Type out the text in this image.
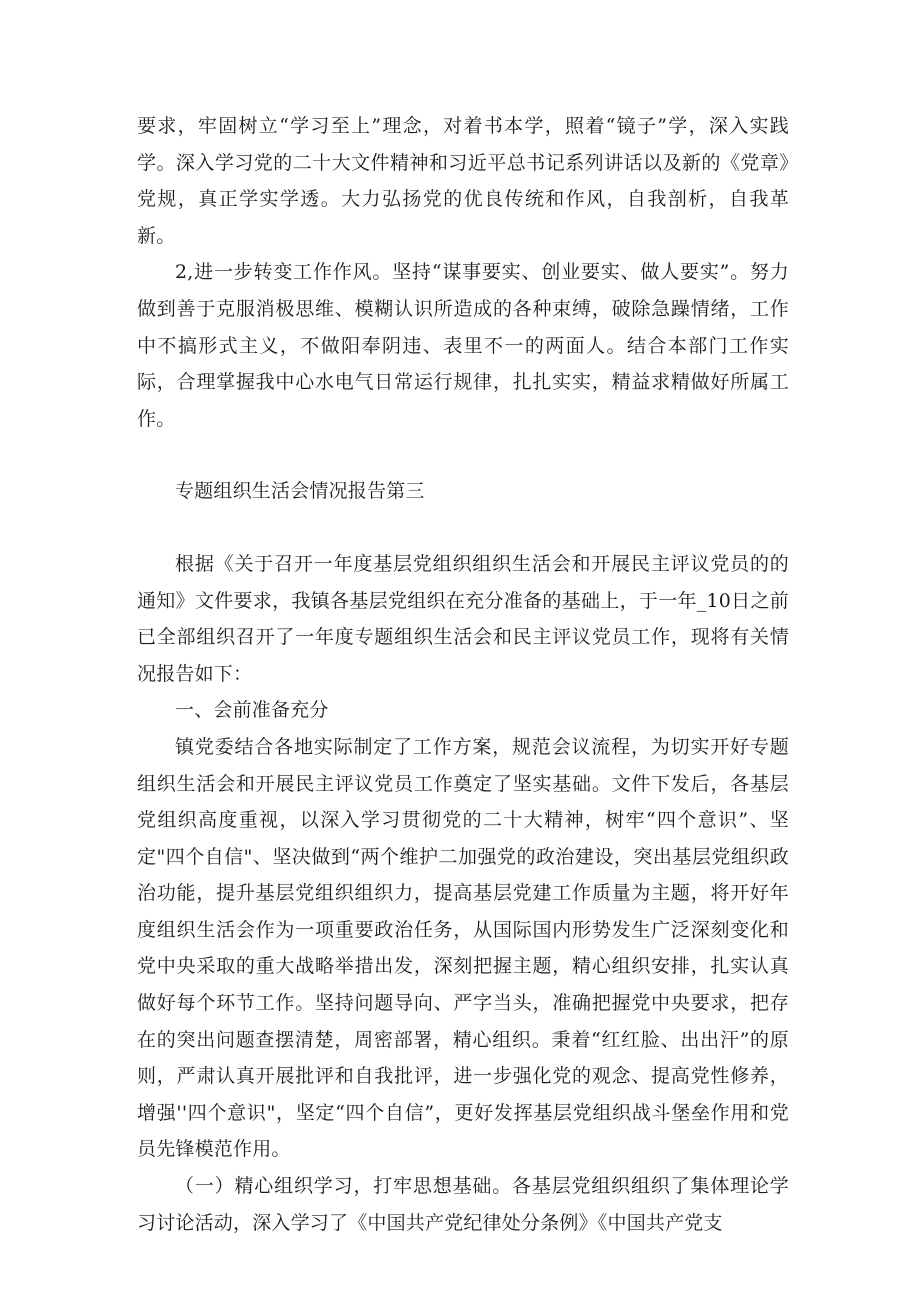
要求，牢固树立“学习至上”理念，对着书本学，照着“镜子”学，深入实践学。深入学习党的二十大文件精神和习近平总书记系列讲话以及新的《党章》党规，真正学实学透。大力弘扬党的优良传统和作风，自我剖析，自我革新。

2,进一步转变工作作风。坚持“谋事要实、创业要实、做人要实”。努力做到善于克服消极思维、模糊认识所造成的各种束缚，破除急躁情绪，工作中不搞形式主义，不做阳奉阴违、表里不一的两面人。结合本部门工作实际，合理掌握我中心水电气日常运行规律，扎扎实实，精益求精做好所属工作。

专题组织生活会情况报告第三

根据《关于召开一年度基层党组织组织生活会和开展民主评议党员的的通知》文件要求，我镇各基层党组织在充分准备的基础上，于一年_10日之前已全部组织召开了一年度专题组织生活会和民主评议党员工作，现将有关情况报告如下：

一、会前准备充分

镇党委结合各地实际制定了工作方案，规范会议流程，为切实开好专题组织生活会和开展民主评议党员工作奠定了坚实基础。文件下发后，各基层党组织高度重视，以深入学习贯彻党的二十大精神，树牢“四个意识”、坚定"四个自信"、坚决做到“两个维护二加强党的政治建设，突出基层党组织政治功能，提升基层党组织组织力，提高基层党建工作质量为主题，将开好年度组织生活会作为一项重要政治任务，从国际国内形势发生广泛深刻变化和党中央采取的重大战略举措出发，深刻把握主题，精心组织安排，扎实认真做好每个环节工作。坚持问题导向、严字当头，准确把握党中央要求，把存在的突出问题查摆清楚，周密部署，精心组织。秉着“红红脸、出出汗”的原则，严肃认真开展批评和自我批评，进一步强化党的观念、提高党性修养，增强''四个意识"，坚定“四个自信”，更好发挥基层党组织战斗堡垒作用和党员先锋模范作用。

（一）精心组织学习，打牢思想基础。各基层党组织组织了集体理论学习讨论活动，深入学习了《中国共产党纪律处分条例》《中国共产党支
